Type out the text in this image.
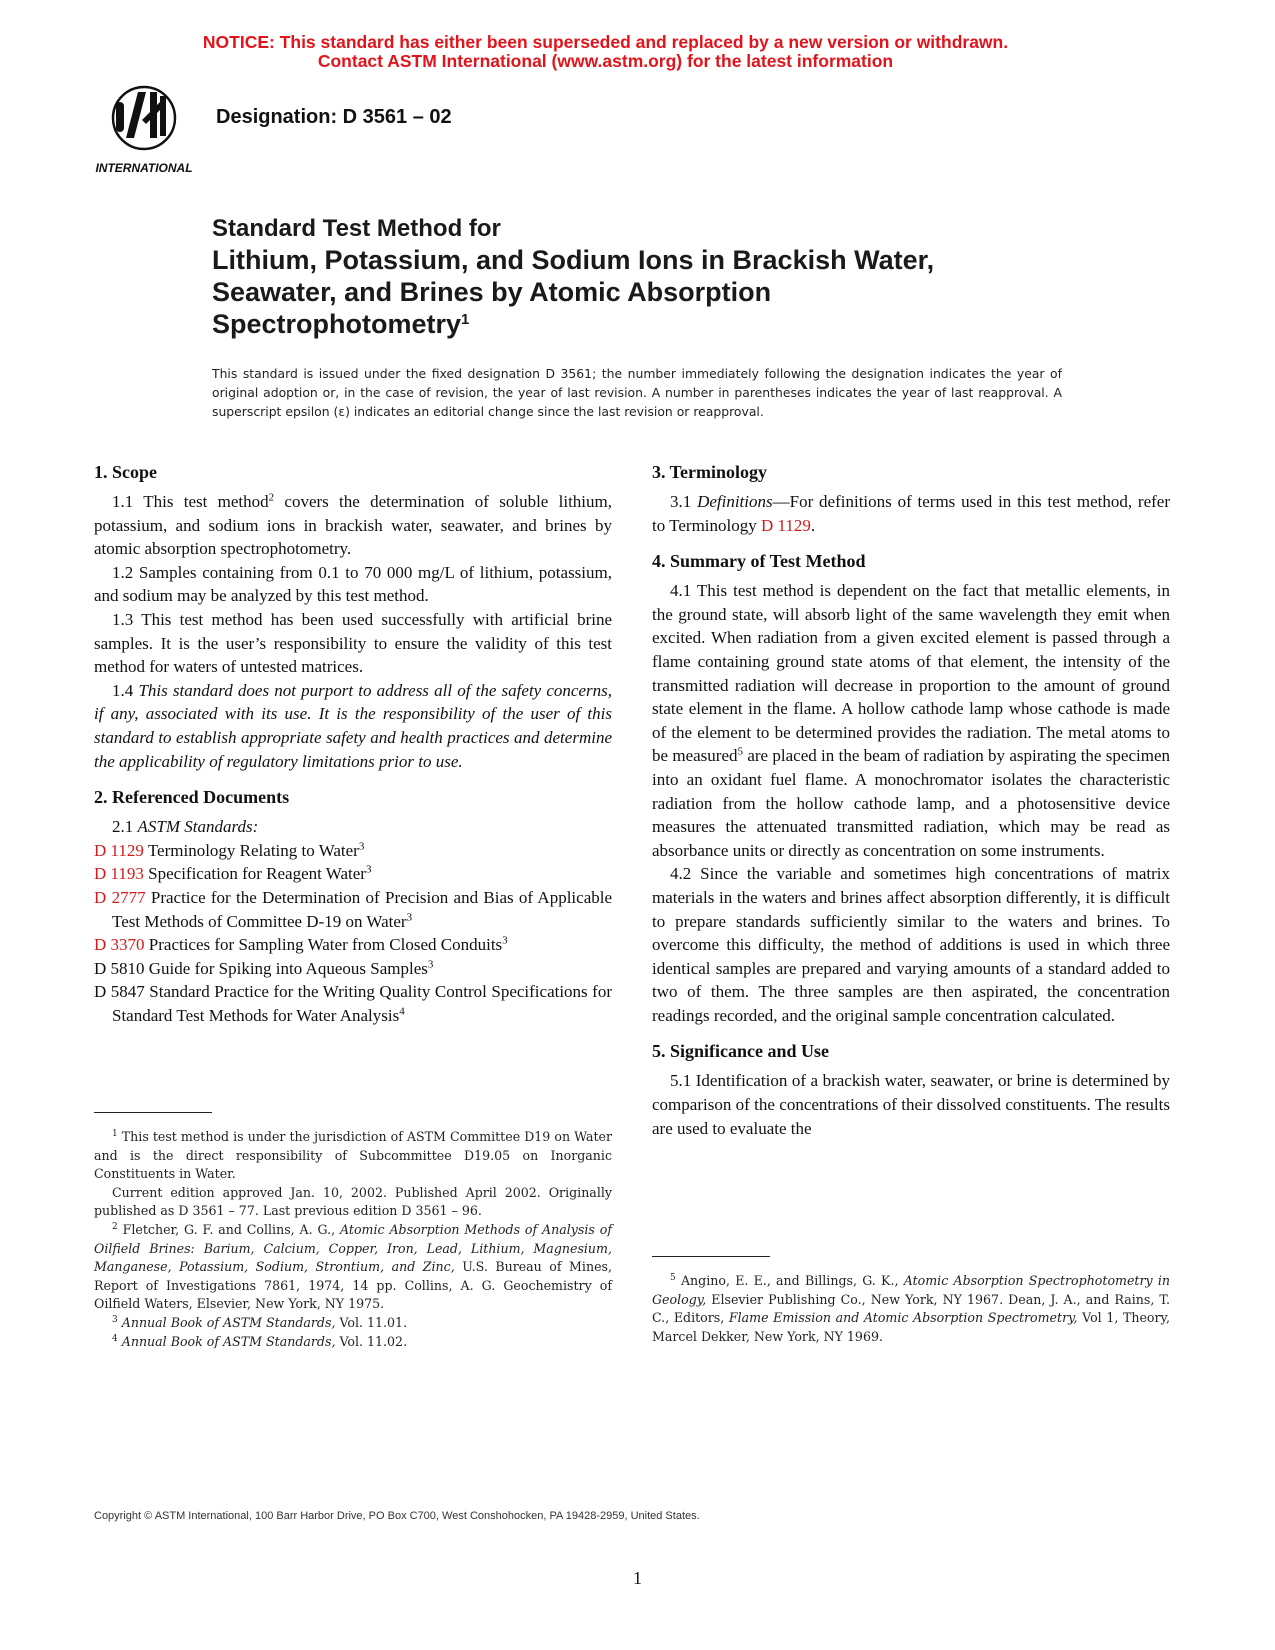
NOTICE: This standard has either been superseded and replaced by a new version or withdrawn.
Contact ASTM International (www.astm.org) for the latest information
INTERNATIONAL
Designation: D 3561 – 02
Standard Test Method for
Lithium, Potassium, and Sodium Ions in Brackish Water,
Seawater, and Brines by Atomic Absorption
Spectrophotometry$^1$
This standard is issued under the fixed designation D 3561; the number immediately following the designation indicates the year of original adoption or, in the case of revision, the year of last revision. A number in parentheses indicates the year of last reapproval. A superscript epsilon (ε) indicates an editorial change since the last revision or reapproval.
1. Scope

1.1 This test method$^2$ covers the determination of soluble lithium, potassium, and sodium ions in brackish water, seawater, and brines by atomic absorption spectrophotometry.

1.2 Samples containing from 0.1 to 70 000 mg/L of lithium, potassium, and sodium may be analyzed by this test method.

1.3 This test method has been used successfully with artificial brine samples. It is the user’s responsibility to ensure the validity of this test method for waters of untested matrices.

1.4 This standard does not purport to address all of the safety concerns, if any, associated with its use. It is the responsibility of the user of this standard to establish appropriate safety and health practices and determine the applicability of regulatory limitations prior to use.

2. Referenced Documents

2.1 ASTM Standards:

D 1129 Terminology Relating to Water$^3$

D 1193 Specification for Reagent Water$^3$

D 2777 Practice for the Determination of Precision and Bias of Applicable Test Methods of Committee D-19 on Water$^3$

D 3370 Practices for Sampling Water from Closed Conduits$^3$

D 5810 Guide for Spiking into Aqueous Samples$^3$

D 5847 Standard Practice for the Writing Quality Control Specifications for Standard Test Methods for Water Analysis$^4$

$^1$ This test method is under the jurisdiction of ASTM Committee D19 on Water and is the direct responsibility of Subcommittee D19.05 on Inorganic Constituents in Water.

Current edition approved Jan. 10, 2002. Published April 2002. Originally published as D 3561 – 77. Last previous edition D 3561 – 96.

$^2$ Fletcher, G. F. and Collins, A. G., Atomic Absorption Methods of Analysis of Oilfield Brines: Barium, Calcium, Copper, Iron, Lead, Lithium, Magnesium, Manganese, Potassium, Sodium, Strontium, and Zinc, U.S. Bureau of Mines, Report of Investigations 7861, 1974, 14 pp. Collins, A. G. Geochemistry of Oilfield Waters, Elsevier, New York, NY 1975.

$^3$ Annual Book of ASTM Standards, Vol. 11.01.

$^4$ Annual Book of ASTM Standards, Vol. 11.02.

3. Terminology

3.1 Definitions—For definitions of terms used in this test method, refer to Terminology D 1129.

4. Summary of Test Method

4.1 This test method is dependent on the fact that metallic elements, in the ground state, will absorb light of the same wavelength they emit when excited. When radiation from a given excited element is passed through a flame containing ground state atoms of that element, the intensity of the transmitted radiation will decrease in proportion to the amount of ground state element in the flame. A hollow cathode lamp whose cathode is made of the element to be determined provides the radiation. The metal atoms to be measured$^5$ are placed in the beam of radiation by aspirating the specimen into an oxidant fuel flame. A monochromator isolates the characteristic radiation from the hollow cathode lamp, and a photosensitive device measures the attenuated transmitted radiation, which may be read as absorbance units or directly as concentration on some instruments.

4.2 Since the variable and sometimes high concentrations of matrix materials in the waters and brines affect absorption differently, it is difficult to prepare standards sufficiently similar to the waters and brines. To overcome this difficulty, the method of additions is used in which three identical samples are prepared and varying amounts of a standard added to two of them. The three samples are then aspirated, the concentration readings recorded, and the original sample concentration calculated.

5. Significance and Use

5.1 Identification of a brackish water, seawater, or brine is determined by comparison of the concentrations of their dissolved constituents. The results are used to evaluate the

$^5$ Angino, E. E., and Billings, G. K., Atomic Absorption Spectrophotometry in Geology, Elsevier Publishing Co., New York, NY 1967. Dean, J. A., and Rains, T. C., Editors, Flame Emission and Atomic Absorption Spectrometry, Vol 1, Theory, Marcel Dekker, New York, NY 1969.

Copyright © ASTM International, 100 Barr Harbor Drive, PO Box C700, West Conshohocken, PA 19428-2959, United States.
1
